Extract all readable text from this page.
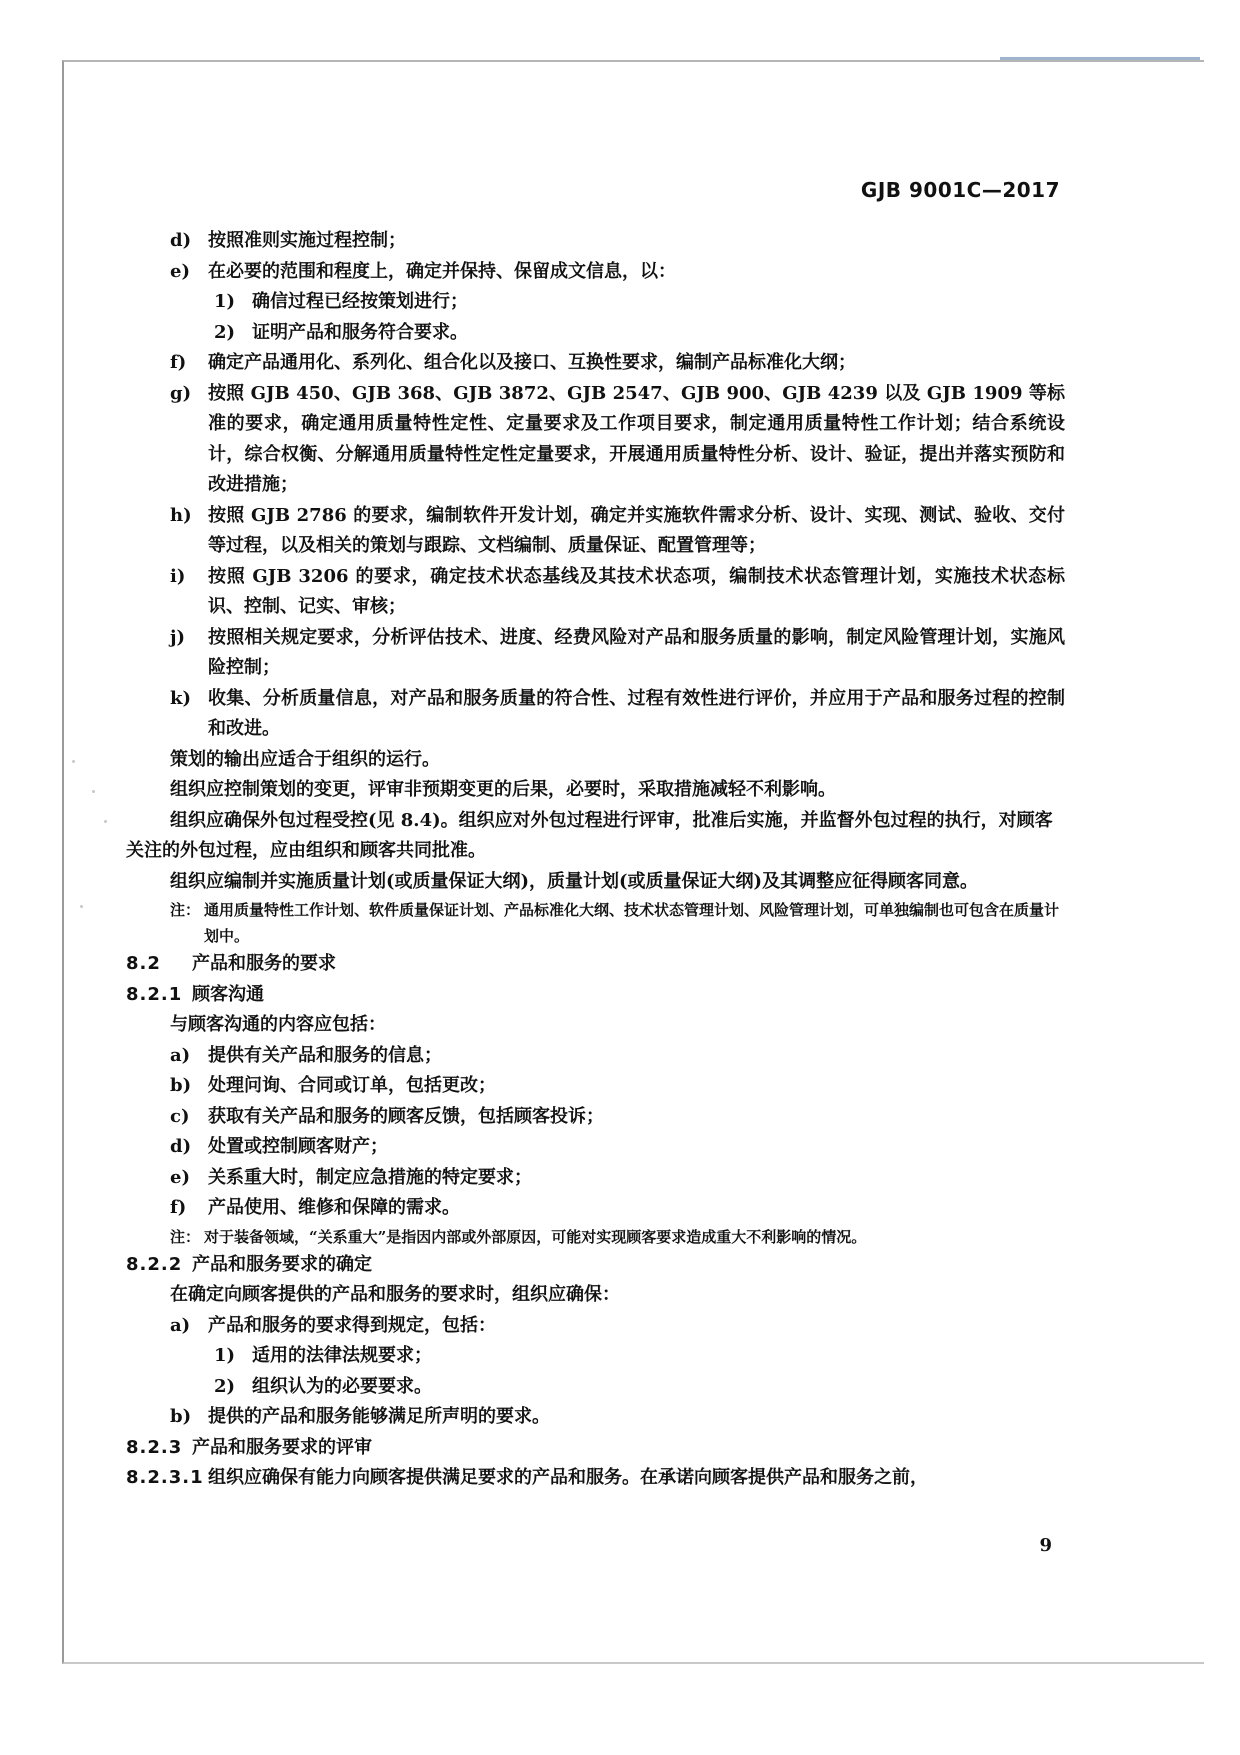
GJB 9001C—2017
d) 按照准则实施过程控制；
e)	在必要的范围和程度上，确定并保持、保留成文信息，以：
1) 确信过程已经按策划进行；
2) 证明产品和服务符合要求。
f)	确定产品通用化、系列化、组合化以及接口、互换性要求，编制产品标准化大纲；
g) 按照 GJB 450、GJB 368、GJB 3872、GJB 2547、GJB 900、GJB 4239 以及 GJB 1909 等标准的要求，确定通用质量特性定性、定量要求及工作项目要求，制定通用质量特性工作计划；结合系统设计，综合权衡、分解通用质量特性定性定量要求，开展通用质量特性分析、设计、验证，提出并落实预防和改进措施；
h) 按照 GJB 2786 的要求，编制软件开发计划，确定并实施软件需求分析、设计、实现、测试、验收、交付等过程，以及相关的策划与跟踪、文档编制、质量保证、配置管理等；
i)	按照 GJB 3206 的要求，确定技术状态基线及其技术状态项，编制技术状态管理计划，实施技术状态标识、控制、记实、审核；
j)	按照相关规定要求，分析评估技术、进度、经费风险对产品和服务质量的影响，制定风险管理计划，实施风险控制；
k) 收集、分析质量信息，对产品和服务质量的符合性、过程有效性进行评价，并应用于产品和服务过程的控制和改进。
策划的输出应适合于组织的运行。
组织应控制策划的变更，评审非预期变更的后果，必要时，采取措施减轻不利影响。
组织应确保外包过程受控(见 8.4)。组织应对外包过程进行评审，批准后实施，并监督外包过程的执行，对顾客关注的外包过程，应由组织和顾客共同批准。
组织应编制并实施质量计划(或质量保证大纲)，质量计划(或质量保证大纲)及其调整应征得顾客同意。
注： 通用质量特性工作计划、软件质量保证计划、产品标准化大纲、技术状态管理计划、风险管理计划，可单独编制也可包含在质量计划中。
8.2	产品和服务的要求
8.2.1 顾客沟通
与顾客沟通的内容应包括：
a) 提供有关产品和服务的信息；
b) 处理问询、合同或订单，包括更改；
c)	获取有关产品和服务的顾客反馈，包括顾客投诉；
d) 处置或控制顾客财产；
e)	关系重大时，制定应急措施的特定要求；
f)	产品使用、维修和保障的需求。
注： 对于装备领域，“关系重大”是指因内部或外部原因，可能对实现顾客要求造成重大不利影响的情况。
8.2.2 产品和服务要求的确定
在确定向顾客提供的产品和服务的要求时，组织应确保：
a) 产品和服务的要求得到规定，包括：
1) 适用的法律法规要求；
2) 组织认为的必要要求。
b) 提供的产品和服务能够满足所声明的要求。
8.2.3 产品和服务要求的评审
8.2.3.1 组织应确保有能力向顾客提供满足要求的产品和服务。在承诺向顾客提供产品和服务之前，
9
